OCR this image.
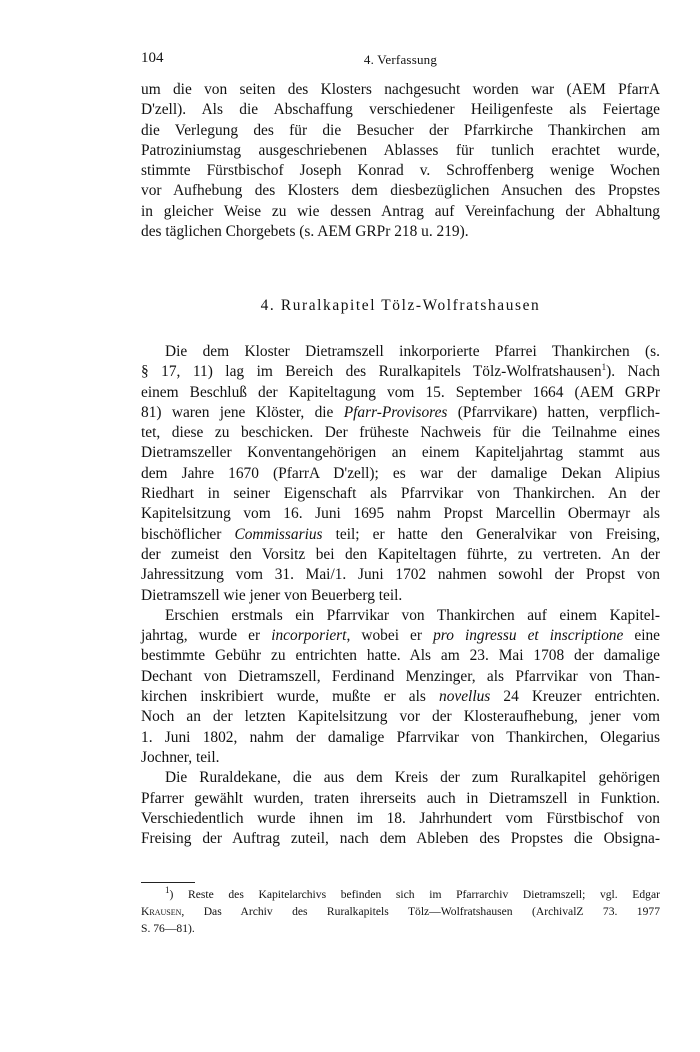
104	4. Verfassung

um die von seiten des Klosters nachgesucht worden war (AEM PfarrA
D'zell). Als die Abschaffung verschiedener Heiligenfeste als Feiertage
die Verlegung des für die Besucher der Pfarrkirche Thankirchen am
Patroziniumstag ausgeschriebenen Ablasses für tunlich erachtet wurde,
stimmte Fürstbischof Joseph Konrad v. Schroffenberg wenige Wochen
vor Aufhebung des Klosters dem diesbezüglichen Ansuchen des Propstes
in gleicher Weise zu wie dessen Antrag auf Vereinfachung der Abhaltung
des täglichen Chorgebets (s. AEM GRPr 218 u. 219).

4. Ruralkapitel Tölz-Wolfratshausen

Die dem Kloster Dietramszell inkorporierte Pfarrei Thankirchen (s.
§ 17, 11) lag im Bereich des Ruralkapitels Tölz-Wolfratshausen$^1$). Nach
einem Beschluß der Kapiteltagung vom 15. September 1664 (AEM GRPr
81) waren jene Klöster, die Pfarr-Provisores (Pfarrvikare) hatten, verpflich-
tet, diese zu beschicken. Der früheste Nachweis für die Teilnahme eines
Dietramszeller Konventangehörigen an einem Kapiteljahrtag stammt aus
dem Jahre 1670 (PfarrA D'zell); es war der damalige Dekan Alipius
Riedhart in seiner Eigenschaft als Pfarrvikar von Thankirchen. An der
Kapitelsitzung vom 16. Juni 1695 nahm Propst Marcellin Obermayr als
bischöflicher Commissarius teil; er hatte den Generalvikar von Freising,
der zumeist den Vorsitz bei den Kapiteltagen führte, zu vertreten. An der
Jahressitzung vom 31. Mai/1. Juni 1702 nahmen sowohl der Propst von
Dietramszell wie jener von Beuerberg teil.

Erschien erstmals ein Pfarrvikar von Thankirchen auf einem Kapitel-
jahrtag, wurde er incorporiert, wobei er pro ingressu et inscriptione eine
bestimmte Gebühr zu entrichten hatte. Als am 23. Mai 1708 der damalige
Dechant von Dietramszell, Ferdinand Menzinger, als Pfarrvikar von Than-
kirchen inskribiert wurde, mußte er als novellus 24 Kreuzer entrichten.
Noch an der letzten Kapitelsitzung vor der Klosteraufhebung, jener vom
1. Juni 1802, nahm der damalige Pfarrvikar von Thankirchen, Olegarius
Jochner, teil.

Die Ruraldekane, die aus dem Kreis der zum Ruralkapitel gehörigen
Pfarrer gewählt wurden, traten ihrerseits auch in Dietramszell in Funktion.
Verschiedentlich wurde ihnen im 18. Jahrhundert vom Fürstbischof von
Freising der Auftrag zuteil, nach dem Ableben des Propstes die Obsigna-

$^1$) Reste des Kapitelarchivs befinden sich im Pfarrarchiv Dietramszell; vgl. Edgar
Krausen, Das Archiv des Ruralkapitels Tölz—Wolfratshausen (ArchivalZ 73. 1977
S. 76—81).
